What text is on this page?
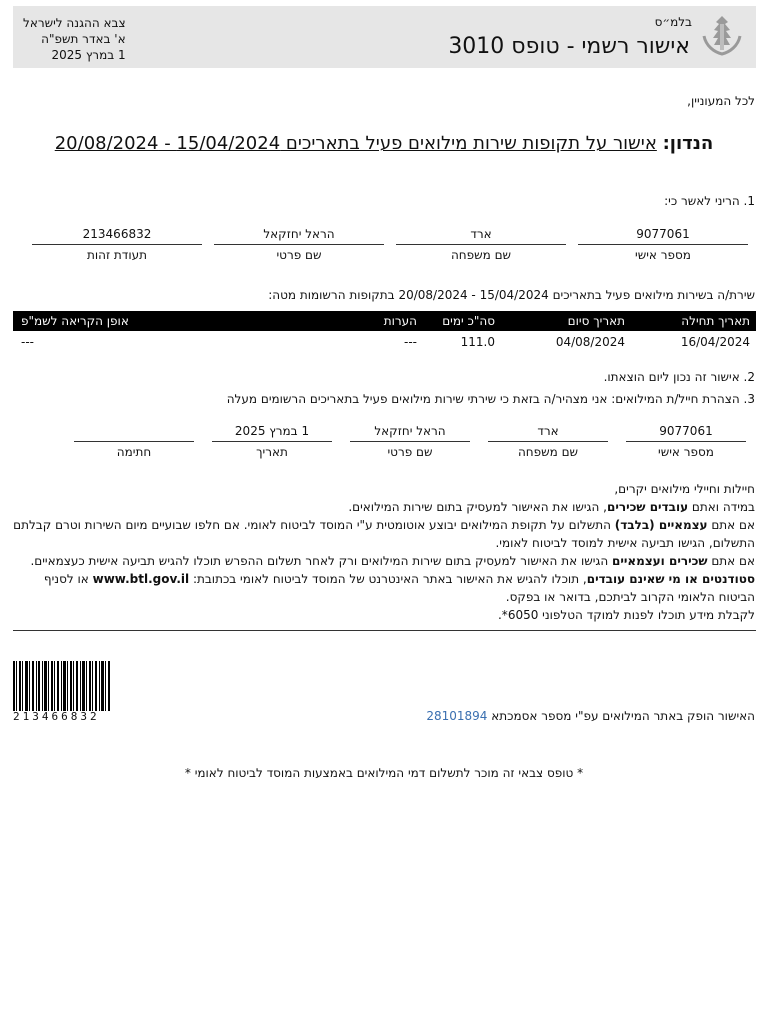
בלמ״ס
אישור רשמי - טופס 3010
צבא ההגנה לישראל
א' באדר תשפ"ה
1 במרץ 2025
לכל המעוניין,
הנדון: אישור על תקופות שירות מילואים פעיל בתאריכים 15/04/2024 - 20/08/2024
1. הריני לאשר כי:
9077061
מספר אישי
ארד
שם משפחה
הראל יחזקאל
שם פרטי
213466832
תעודת זהות
שירת/ה בשירות מילואים פעיל בתאריכים 15/04/2024 - 20/08/2024 בתקופות הרשומות מטה:
תאריך תחילה
תאריך סיום
סה"כ ימים
הערות
אופן הקריאה לשמ"פ
16/04/2024
04/08/2024
111.0
---
---
2. אישור זה נכון ליום הוצאתו.
3. הצהרת חייל/ת המילואים: אני מצהיר/ה בזאת כי שירתי שירות מילואים פעיל בתאריכים הרשומים מעלה
9077061
מספר אישי
ארד
שם משפחה
הראל יחזקאל
שם פרטי
1 במרץ 2025
תאריך
חתימה
חיילות וחיילי מילואים יקרים,
במידה ואתם עובדים שכירים, הגישו את האישור למעסיק בתום שירות המילואים.
אם אתם עצמאיים (בלבד) התשלום על תקופת המילואים יבוצע אוטומטית ע"י המוסד לביטוח לאומי. אם חלפו שבועיים מיום השירות וטרם קבלתם התשלום, הגישו תביעה אישית למוסד לביטוח לאומי.
אם אתם שכירים ועצמאיים הגישו את האישור למעסיק בתום שירות המילואים ורק לאחר תשלום ההפרש תוכלו להגיש תביעה אישית כעצמאיים.
סטודנטים או מי שאינם עובדים, תוכלו להגיש את האישור באתר האינטרנט של המוסד לביטוח לאומי בכתובת: www.btl.gov.il או לסניף הביטוח הלאומי הקרוב לביתכם, בדואר או בפקס.
לקבלת מידע תוכלו לפנות למוקד הטלפוני 6050*.
213466832	האישור הופק באתר המילואים עפ"י מספר אסמכתא 28101894
* טופס צבאי זה מוכר לתשלום דמי המילואים באמצעות המוסד לביטוח לאומי *
